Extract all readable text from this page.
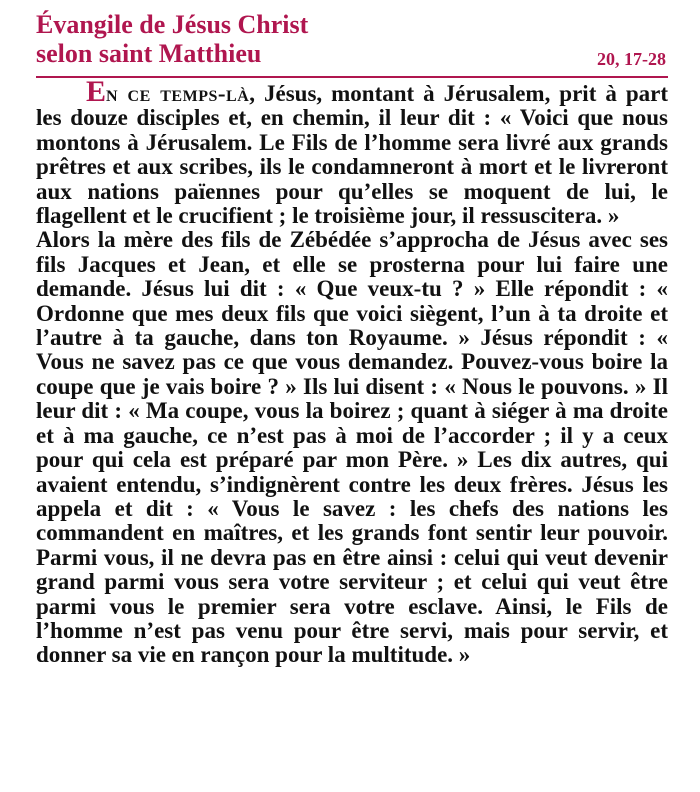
Évangile de Jésus Christ
selon saint Matthieu	20, 17-28

En ce temps-là, Jésus, montant à Jérusalem, prit à part les douze disciples et, en chemin, il leur dit : « Voici que nous montons à Jérusalem. Le Fils de l’homme sera livré aux grands prêtres et aux scribes, ils le condamneront à mort et le livreront aux nations païennes pour qu’elles se moquent de lui, le flagellent et le crucifient ; le troisième jour, il ressuscitera. »

Alors la mère des fils de Zébédée s’approcha de Jésus avec ses fils Jacques et Jean, et elle se prosterna pour lui faire une demande. Jésus lui dit : « Que veux-tu ? » Elle répondit : « Ordonne que mes deux fils que voici siègent, l’un à ta droite et l’autre à ta gauche, dans ton Royaume. » Jésus répondit : « Vous ne savez pas ce que vous demandez. Pouvez-vous boire la coupe que je vais boire ? » Ils lui disent : « Nous le pouvons. » Il leur dit : « Ma coupe, vous la boirez ; quant à siéger à ma droite et à ma gauche, ce n’est pas à moi de l’accorder ; il y a ceux pour qui cela est préparé par mon Père. » Les dix autres, qui avaient entendu, s’indignèrent contre les deux frères. Jésus les appela et dit : « Vous le savez : les chefs des nations les commandent en maîtres, et les grands font sentir leur pouvoir. Parmi vous, il ne devra pas en être ainsi : celui qui veut devenir grand parmi vous sera votre serviteur ; et celui qui veut être parmi vous le premier sera votre esclave. Ainsi, le Fils de l’homme n’est pas venu pour être servi, mais pour servir, et donner sa vie en rançon pour la multitude. »
